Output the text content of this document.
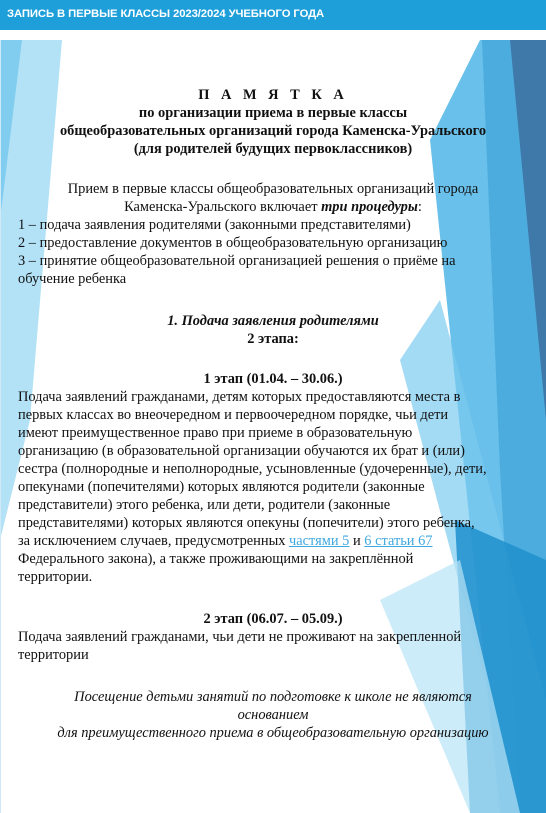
ЗАПИСЬ В ПЕРВЫЕ КЛАССЫ 2023/2024 УЧЕБНОГО ГОДА
П А М Я Т К А
по организации приема в первые классы
общеобразовательных организаций города Каменска-Уральского
(для родителей будущих первоклассников)
Прием в первые классы общеобразовательных организаций города
Каменска-Уральского включает три процедуры:
1 – подача заявления родителями (законными представителями)
2 – предоставление документов в общеобразовательную организацию
3 – принятие общеобразовательной организацией решения о приёме на
обучение ребенка
1. Подача заявления родителями
2 этапа:
1 этап (01.04. – 30.06.)
Подача заявлений гражданами, детям которых предоставляются места в
первых классах во внеочередном и первоочередном порядке, чьи дети
имеют преимущественное право при приеме в образовательную
организацию (в образовательной организации обучаются их брат и (или)
сестра (полнородные и неполнородные, усыновленные (удочеренные), дети,
опекунами (попечителями) которых являются родители (законные
представители) этого ребенка, или дети, родители (законные
представителями) которых являются опекуны (попечители) этого ребенка,
за исключением случаев, предусмотренных частями 5 и 6 статьи 67
Федерального закона), а также проживающими на закреплённой
территории.
2 этап (06.07. – 05.09.)
Подача заявлений гражданами, чьи дети не проживают на закрепленной
территории
Посещение детьми занятий по подготовке к школе не являются
основанием
для преимущественного приема в общеобразовательную организацию
